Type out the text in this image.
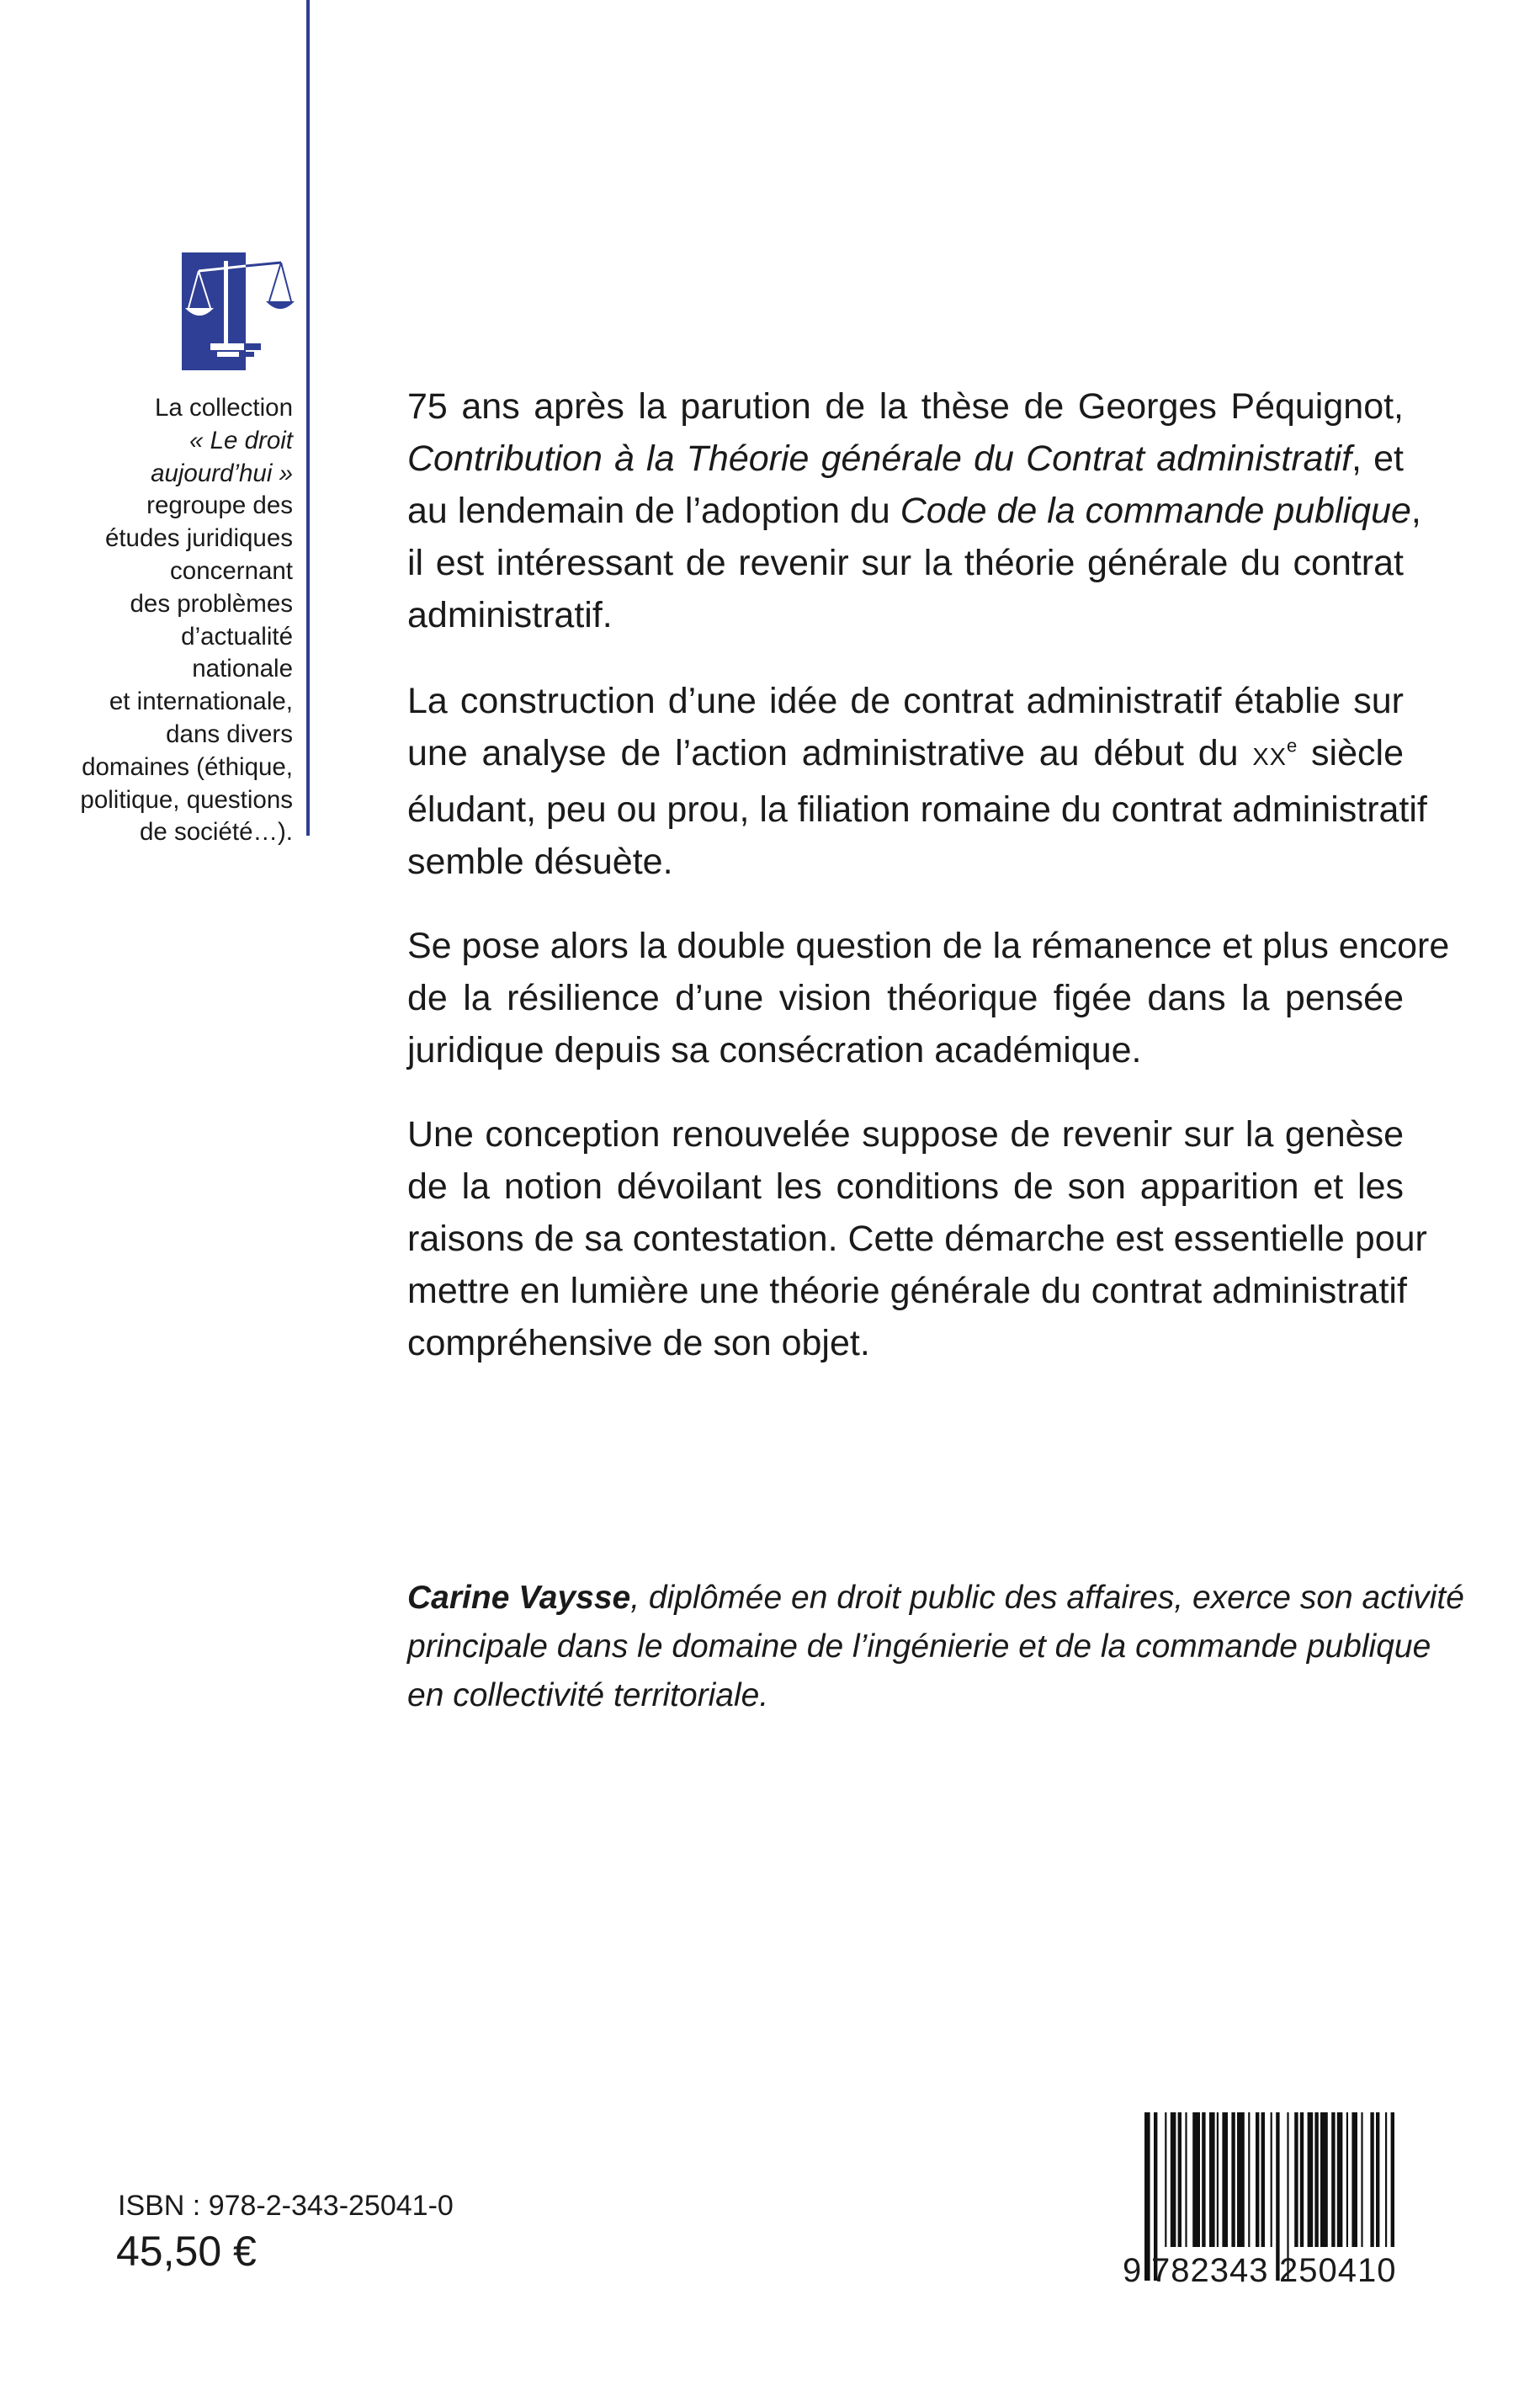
La collection
« Le droit
aujourd’hui »
regroupe des
études juridiques
concernant
des problèmes
d’actualité
nationale
et internationale,
dans divers
domaines (éthique,
politique, questions
de société…).
75 ans après la parution de la thèse de Georges Péquignot,
Contribution à la Théorie générale du Contrat administratif, et
au lendemain de l’adoption du Code de la commande publique,
il est intéressant de revenir sur la théorie générale du contrat
administratif.
La construction d’une idée de contrat administratif établie sur
une analyse de l’action administrative au début du XXe siècle
éludant, peu ou prou, la filiation romaine du contrat administratif
semble désuète.
Se pose alors la double question de la rémanence et plus encore
de la résilience d’une vision théorique figée dans la pensée
juridique depuis sa consécration académique.
Une conception renouvelée suppose de revenir sur la genèse
de la notion dévoilant les conditions de son apparition et les
raisons de sa contestation. Cette démarche est essentielle pour
mettre en lumière une théorie générale du contrat administratif
compréhensive de son objet.
Carine Vaysse, diplômée en droit public des affaires, exerce son activité
principale dans le domaine de l’ingénierie et de la commande publique
en collectivité territoriale.
ISBN : 978-2-343-25041-0
45,50 €	9 782343 250410
